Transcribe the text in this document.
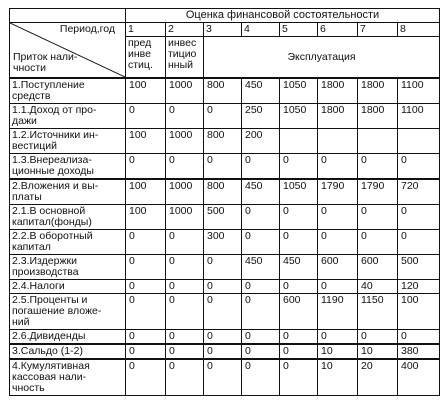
	Оценка финансовой состоятельности							

Период,год

Приток нали-
чности	1	2	3	4	5	6	7	8
	пред
инве
стиц.	инвес
тицио
нный	Эксплуатация					
1.Поступление
средств	100	1000	800	450	1050	1800	1800	1100
1.1.Доход от про-
дажи	0	0	0	250	1050	1800	1800	1100
1.2.Источники ин-
вестиций	100	1000	800	200				
1.3.Внереализа-
ционные доходы	0	0	0	0	0	0	0	0
2.Вложения и вы-
платы	100	1000	800	450	1050	1790	1790	720
2.1.В основной
капитал(фонды)	100	1000	500	0	0	0	0	0
2.2.В оборотный
капитал	0	0	300	0	0	0	0	0
2.3.Издержки
производства	0	0	0	450	450	600	600	500
2.4.Налоги	0	0	0	0	0	0	40	120
2.5.Проценты и
погашение вложе-
ний	0	0	0	0	600	1190	1150	100
2.6.Дивиденды	0	0	0	0	0	0	0	0
3.Сальдо (1-2)	0	0	0	0	0	10	10	380
4.Кумулятивная
кассовая нали-
чность	0	0	0	0	0	10	20	400
